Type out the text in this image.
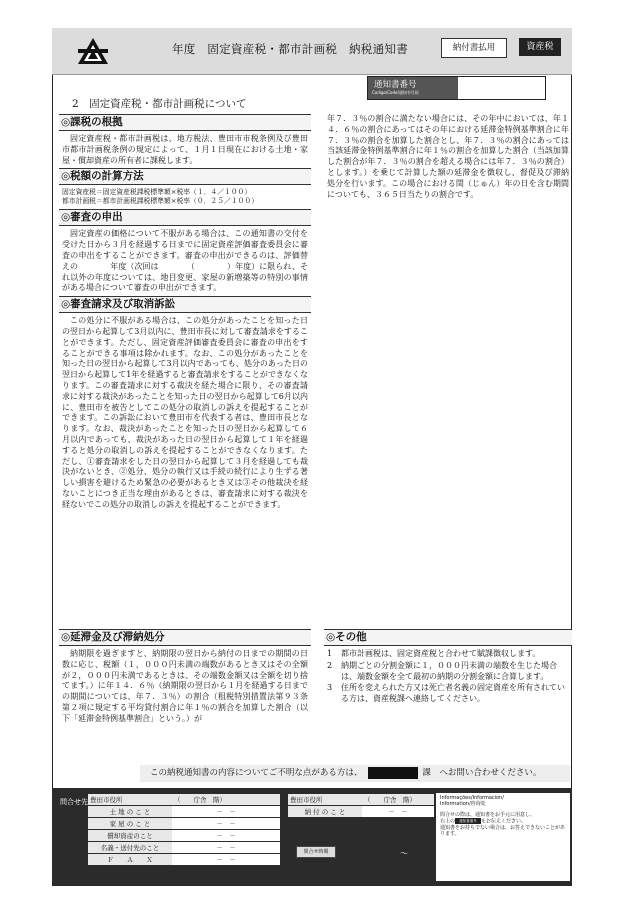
年度　固定資産税・都市計画税　納税通知書	納付書払用	資産税
通知書番号
Codigo/Code/通知书号码
2　固定資産税・都市計画税について
◎課税の根拠
固定資産税・都市計画税は、地方税法、豊田市市税条例及び豊田市都市計画税条例の規定によって、１月１日現在における土地・家屋・償却資産の所有者に課税します。
◎税額の計算方法
固定資産税＝固定資産税課税標準額×税率（１．４／１００）
都市計画税＝都市計画税課税標準額×税率（０．２５／１００）
◎審査の申出
固定資産の価格について不服がある場合は、この通知書の交付を受けた日から３月を経過する日までに固定資産評価審査委員会に審査の申出をすることができます。審査の申出ができるのは、評価替えの　　　　年度（次回は　　　　（　　　　）年度）に限られ、それ以外の年度については、地目変更、家屋の新増築等の特別の事情がある場合について審査の申出ができます。
◎審査請求及び取消訴訟
この処分に不服がある場合は、この処分があったことを知った日の翌日から起算して3月以内に、豊田市長に対して審査請求をすることができます。ただし、固定資産評価審査委員会に審査の申出をすることができる事項は除かれます。なお、この処分があったことを知った日の翌日から起算して3月以内であっても、処分のあった日の翌日から起算して1年を経過すると審査請求をすることができなくなります。この審査請求に対する裁決を経た場合に限り、その審査請求に対する裁決があったことを知った日の翌日から起算して6月以内に、豊田市を被告としてこの処分の取消しの訴えを提起することができます。この訴訟において豊田市を代表する者は、豊田市長となります。なお、裁決があったことを知った日の翌日から起算して６月以内であっても、裁決があった日の翌日から起算して１年を経過すると処分の取消しの訴えを提起することができなくなります。ただし、①審査請求をした日の翌日から起算して３月を経過しても裁決がないとき、②処分、処分の執行又は手続の続行により生ずる著しい損害を避けるため緊急の必要があるとき又は③その他裁決を経ないことにつき正当な理由があるときは、審査請求に対する裁決を経ないでこの処分の取消しの訴えを提起することができます。
◎延滞金及び滞納処分
納期限を過ぎますと、納期限の翌日から納付の日までの期間の日数に応じ、税額（１，０００円未満の端数があるとき又はその全額が２，０００円未満であるときは、その端数金額又は全額を切り捨てます。）に年１４．６％（納期限の翌日から１月を経過する日までの期間については、年７．３％）の割合（租税特別措置法第９３条第２項に規定する平均貸付割合に年１％の割合を加算した割合（以下「延滞金特例基準割合」という。）が
年７．３％の割合に満たない場合には、その年中においては、年１４．６％の割合にあってはその年における延滞金特例基準割合に年７．３％の割合を加算した割合とし、年７．３％の割合にあっては当該延滞金特例基準割合に年１％の割合を加算した割合（当該加算した割合が年７．３％の割合を超える場合には年７．３％の割合）とします。）を乗じて計算した額の延滞金を徴収し、督促及び滞納処分を行います。この場合における閏（じゅん）年の日を含む期間についても、３６５日当たりの割合です。
◎その他
1	都市計画税は、固定資産税と合わせて賦課徴収します。
2	納期ごとの分割金額に１，０００円未満の端数を生じた場合は、端数金額を全て最初の納期の分割金額に合算します。
3	住所を変えられた方又は死亡者名義の固定資産を所有されている方は、資産税課へ連絡してください。
この納税通知書の内容についてご不明な点がある方は、	課　へお問い合わせください。
問合せ先 豊田市役所	（　　庁舎　階）
土 地 の こ と	－　－
家 屋 の こ と	－　－
償却資産のこと	－　－
名義・送付先のこと	－　－
Ｆ　　Ａ　　Ｘ	－　－
豊田市役所	（　　庁舎　階）
納 付 の こ と	－　－
問合せ時間	～
Informações/Informacion/
Information/咨询处
問合せの際は、通知書をお手元に用意し、
右上の 通知書番号 をお伝えください。
通知書をお持ちでない場合は、お答えできないことがあります。
